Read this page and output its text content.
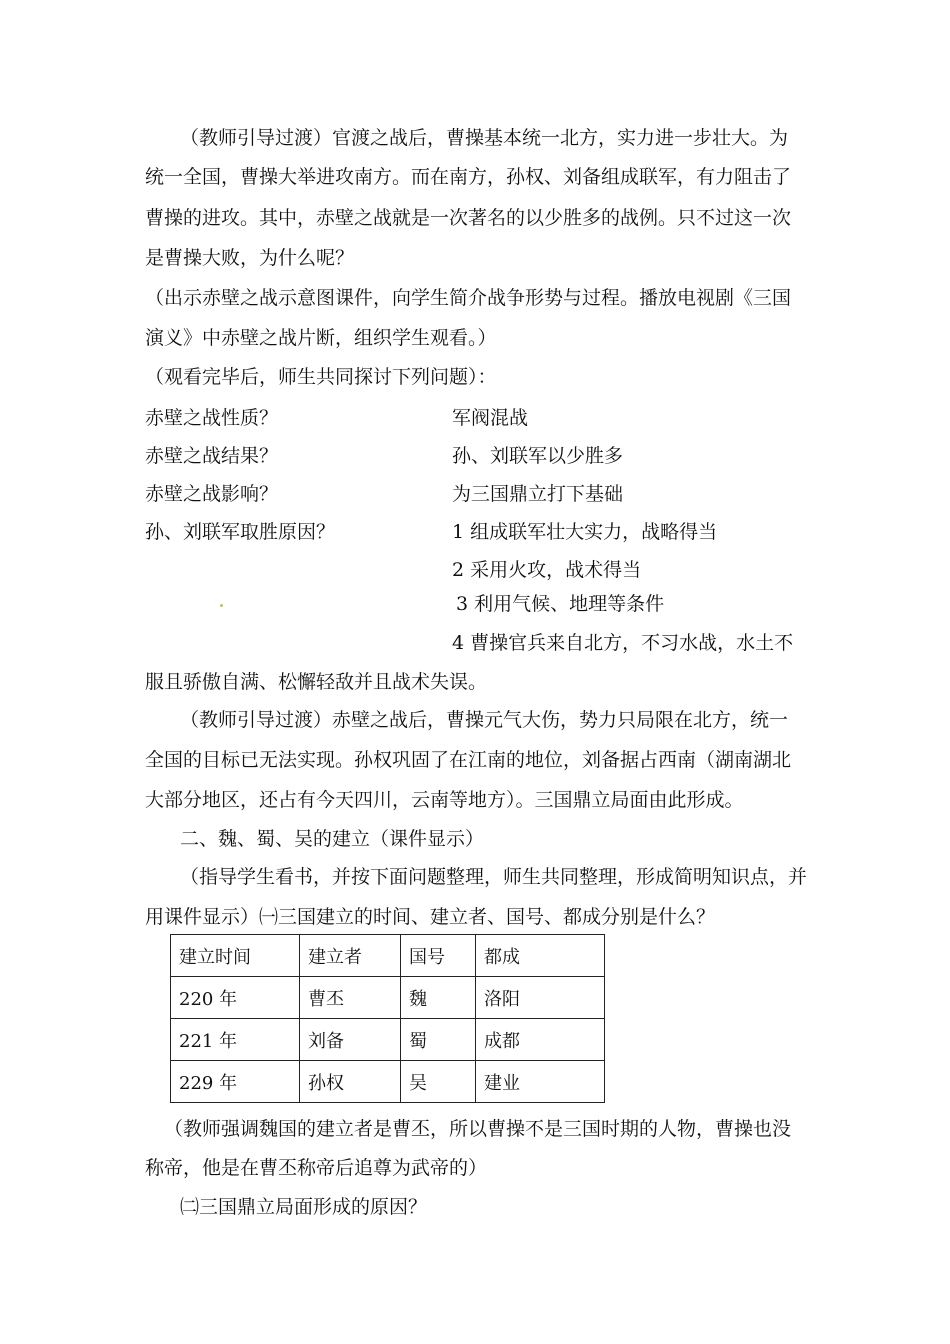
（教师引导过渡）官渡之战后，曹操基本统一北方，实力进一步壮大。为
统一全国，曹操大举进攻南方。而在南方，孙权、刘备组成联军，有力阻击了
曹操的进攻。其中，赤壁之战就是一次著名的以少胜多的战例。只不过这一次
是曹操大败，为什么呢？
（出示赤壁之战示意图课件，向学生简介战争形势与过程。播放电视剧《三国
演义》中赤壁之战片断，组织学生观看。）
（观看完毕后，师生共同探讨下列问题）：
赤壁之战性质？	军阀混战
赤壁之战结果？	孙、刘联军以少胜多
赤壁之战影响？	为三国鼎立打下基础
孙、刘联军取胜原因？	1 组成联军壮大实力，战略得当
2 采用火攻，战术得当
3 利用气候、地理等条件
4 曹操官兵来自北方，不习水战，水土不
服且骄傲自满、松懈轻敌并且战术失误。
（教师引导过渡）赤壁之战后，曹操元气大伤，势力只局限在北方，统一
全国的目标已无法实现。孙权巩固了在江南的地位，刘备据占西南（湖南湖北
大部分地区，还占有今天四川，云南等地方）。三国鼎立局面由此形成。
二、魏、蜀、吴的建立（课件显示）
（指导学生看书，并按下面问题整理，师生共同整理，形成简明知识点，并
用课件显示）㈠三国建立的时间、建立者、国号、都成分别是什么？
建立时间	建立者	国号	都成
220 年	曹丕	魏	洛阳
221 年	刘备	蜀	成都
229 年	孙权	吴	建业
（教师强调魏国的建立者是曹丕，所以曹操不是三国时期的人物，曹操也没
称帝，他是在曹丕称帝后追尊为武帝的）
㈡三国鼎立局面形成的原因？
